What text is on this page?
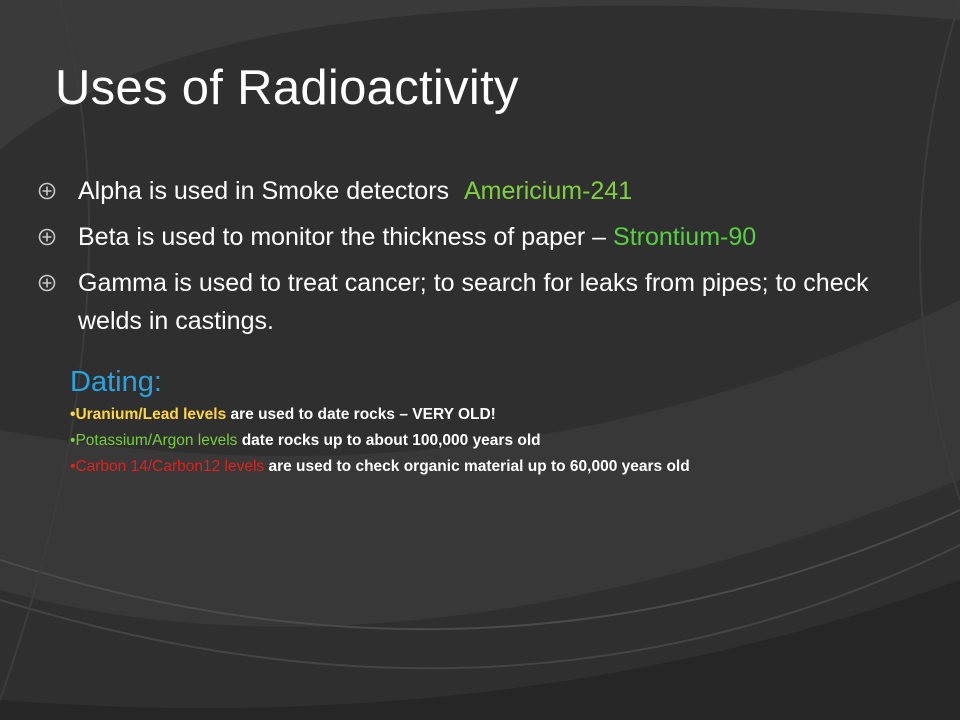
Uses of Radioactivity
Alpha is used in Smoke detectors Americium-241
Beta is used to monitor the thickness of paper – Strontium-90
Gamma is used to treat cancer; to search for leaks from pipes; to check welds in castings.
Dating:
•Uranium/Lead levels are used to date rocks – VERY OLD!
•Potassium/Argon levels date rocks up to about 100,000 years old
•Carbon 14/Carbon12 levels are used to check organic material up to 60,000 years old
